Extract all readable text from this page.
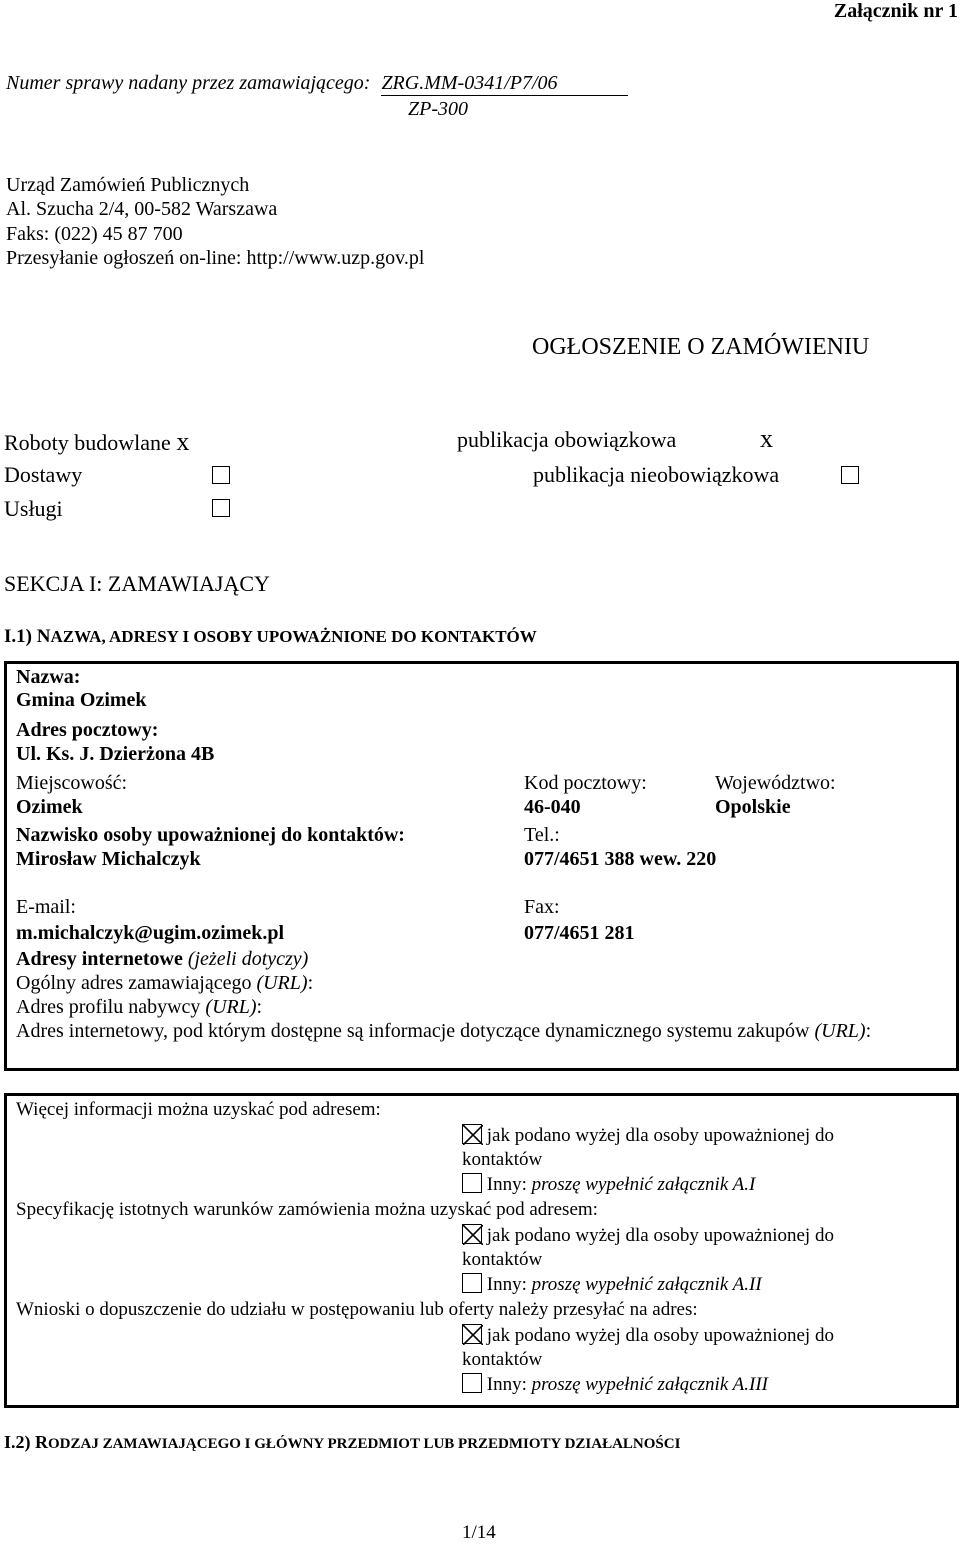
Załącznik nr 1
Numer sprawy nadany przez zamawiającego: ZRG.MM-0341/P7/06
ZP-300
Urząd Zamówień Publicznych
Al. Szucha 2/4, 00-582 Warszawa
Faks: (022) 45 87 700
Przesyłanie ogłoszeń on-line: http://www.uzp.gov.pl
OGŁOSZENIE O ZAMÓWIENIU
Roboty budowlane x
Dostawy
Usługi
publikacja obowiązkowa	x
publikacja nieobowiązkowa
SEKCJA I: ZAMAWIAJĄCY
I.1) NAZWA, ADRESY I OSOBY UPOWAŻNIONE DO KONTAKTÓW
Nazwa:
Gmina Ozimek
Adres pocztowy:
Ul. Ks. J. Dzierżona 4B
Miejscowość:
Ozimek
Kod pocztowy:
46-040
Województwo:
Opolskie
Nazwisko osoby upoważnionej do kontaktów:
Mirosław Michalczyk
Tel.:
077/4651 388 wew. 220
E-mail:
m.michalczyk@ugim.ozimek.pl
Fax:
077/4651 281
Adresy internetowe (jeżeli dotyczy)
Ogólny adres zamawiającego (URL):
Adres profilu nabywcy (URL):
Adres internetowy, pod którym dostępne są informacje dotyczące dynamicznego systemu zakupów (URL):
Więcej informacji można uzyskać pod adresem:
jak podano wyżej dla osoby upoważnionej do
kontaktów
Inny: proszę wypełnić załącznik A.I
Specyfikację istotnych warunków zamówienia można uzyskać pod adresem:
jak podano wyżej dla osoby upoważnionej do
kontaktów
Inny: proszę wypełnić załącznik A.II
Wnioski o dopuszczenie do udziału w postępowaniu lub oferty należy przesyłać na adres:
jak podano wyżej dla osoby upoważnionej do
kontaktów
Inny: proszę wypełnić załącznik A.III
I.2) RODZAJ ZAMAWIAJĄCEGO I GŁÓWNY PRZEDMIOT LUB PRZEDMIOTY DZIAŁALNOŚCI
1/14
